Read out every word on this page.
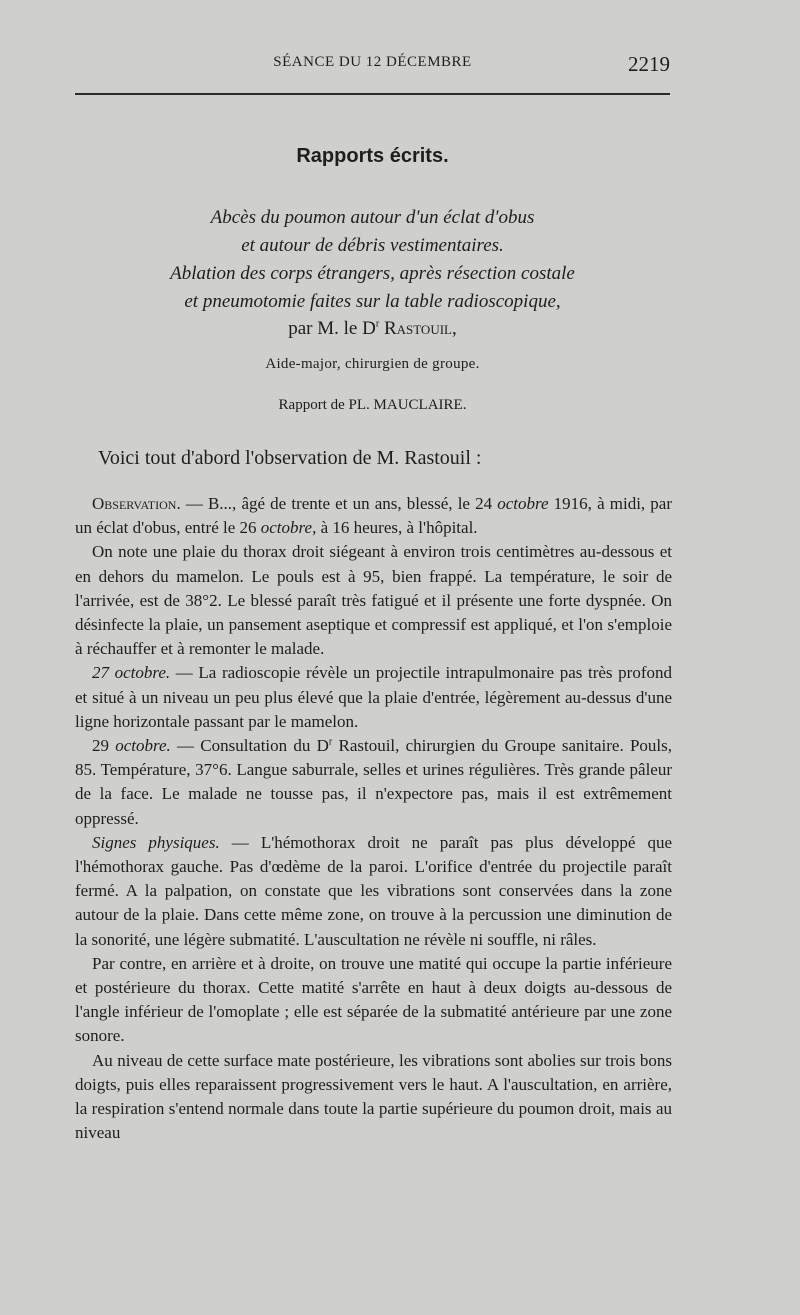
SÉANCE DU 12 DÉCEMBRE	2219
Rapports écrits.
Abcès du poumon autour d'un éclat d'obus
et autour de débris vestimentaires.
Ablation des corps étrangers, après résection costale
et pneumotomie faites sur la table radioscopique,
par M. le $D^r$ Rastouil,
Aide-major, chirurgien de groupe.
Rapport de PL. MAUCLAIRE.
Voici tout d'abord l'observation de M. Rastouil :

Observation. — B..., âgé de trente et un ans, blessé, le 24 octobre 1916, à midi, par un éclat d'obus, entré le 26 octobre, à 16 heures, à l'hôpital.

On note une plaie du thorax droit siégeant à environ trois centimètres au-dessous et en dehors du mamelon. Le pouls est à 95, bien frappé. La température, le soir de l'arrivée, est de 38°2. Le blessé paraît très fatigué et il présente une forte dyspnée. On désinfecte la plaie, un pansement aseptique et compressif est appliqué, et l'on s'emploie à réchauffer et à remonter le malade.

27 octobre. — La radioscopie révèle un projectile intrapulmonaire pas très profond et situé à un niveau un peu plus élevé que la plaie d'entrée, légèrement au-dessus d'une ligne horizontale passant par le mamelon.

29 octobre. — Consultation du $D^r$ Rastouil, chirurgien du Groupe sanitaire. Pouls, 85. Température, 37°6. Langue saburrale, selles et urines régulières. Très grande pâleur de la face. Le malade ne tousse pas, il n'expectore pas, mais il est extrêmement oppressé.

Signes physiques. — L'hémothorax droit ne paraît pas plus développé que l'hémothorax gauche. Pas d'œdème de la paroi. L'orifice d'entrée du projectile paraît fermé. A la palpation, on constate que les vibrations sont conservées dans la zone autour de la plaie. Dans cette même zone, on trouve à la percussion une diminution de la sonorité, une légère submatité. L'auscultation ne révèle ni souffle, ni râles.

Par contre, en arrière et à droite, on trouve une matité qui occupe la partie inférieure et postérieure du thorax. Cette matité s'arrête en haut à deux doigts au-dessous de l'angle inférieur de l'omoplate ; elle est séparée de la submatité antérieure par une zone sonore.

Au niveau de cette surface mate postérieure, les vibrations sont abolies sur trois bons doigts, puis elles reparaissent progressivement vers le haut. A l'auscultation, en arrière, la respiration s'entend normale dans toute la partie supérieure du poumon droit, mais au niveau
